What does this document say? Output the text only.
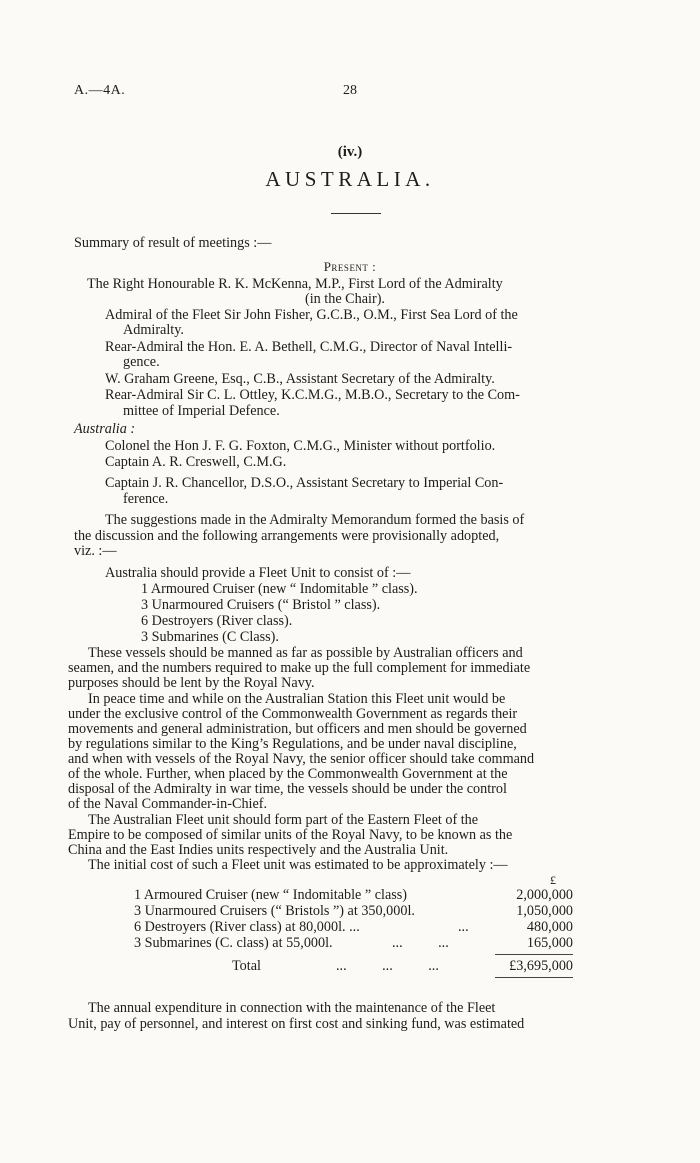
A.—4A.	28
(iv.)
AUSTRALIA.
Summary of result of meetings :—
Present :
The Right Honourable R. K. McKenna, M.P., First Lord of the Admiralty
(in the Chair).
Admiral of the Fleet Sir John Fisher, G.C.B., O.M., First Sea Lord of the
Admiralty.
Rear-Admiral the Hon. E. A. Bethell, C.M.G., Director of Naval Intelli-
gence.
W. Graham Greene, Esq., C.B., Assistant Secretary of the Admiralty.
Rear-Admiral Sir C. L. Ottley, K.C.M.G., M.B.O., Secretary to the Com-
mittee of Imperial Defence.
Australia :
Colonel the Hon J. F. G. Foxton, C.M.G., Minister without portfolio.
Captain A. R. Creswell, C.M.G.
Captain J. R. Chancellor, D.S.O., Assistant Secretary to Imperial Con-
ference.
The suggestions made in the Admiralty Memorandum formed the basis of
the discussion and the following arrangements were provisionally adopted,
viz. :—
Australia should provide a Fleet Unit to consist of :—
1 Armoured Cruiser (new “ Indomitable ” class).
3 Unarmoured Cruisers (“ Bristol ” class).
6 Destroyers (River class).
3 Submarines (C Class).
These vessels should be manned as far as possible by Australian officers and
seamen, and the numbers required to make up the full complement for immediate
purposes should be lent by the Royal Navy.
In peace time and while on the Australian Station this Fleet unit would be
under the exclusive control of the Commonwealth Government as regards their
movements and general administration, but officers and men should be governed
by regulations similar to the King’s Regulations, and be under naval discipline,
and when with vessels of the Royal Navy, the senior officer should take command
of the whole. Further, when placed by the Commonwealth Government at the
disposal of the Admiralty in war time, the vessels should be under the control
of the Naval Commander-in-Chief.
The Australian Fleet unit should form part of the Eastern Fleet of the
Empire to be composed of similar units of the Royal Navy, to be known as the
China and the East Indies units respectively and the Australia Unit.
The initial cost of such a Fleet unit was estimated to be approximately :—
£
1 Armoured Cruiser (new “ Indomitable ” class)	2,000,000
3 Unarmoured Cruisers (“ Bristols ”) at 350,000l.	1,050,000
6 Destroyers (River class) at 80,000l. ...	...	480,000
3 Submarines (C. class) at 55,000l.	...          ...	165,000
Total	...          ...          ...	£3,695,000
The annual expenditure in connection with the maintenance of the Fleet
Unit, pay of personnel, and interest on first cost and sinking fund, was estimated
